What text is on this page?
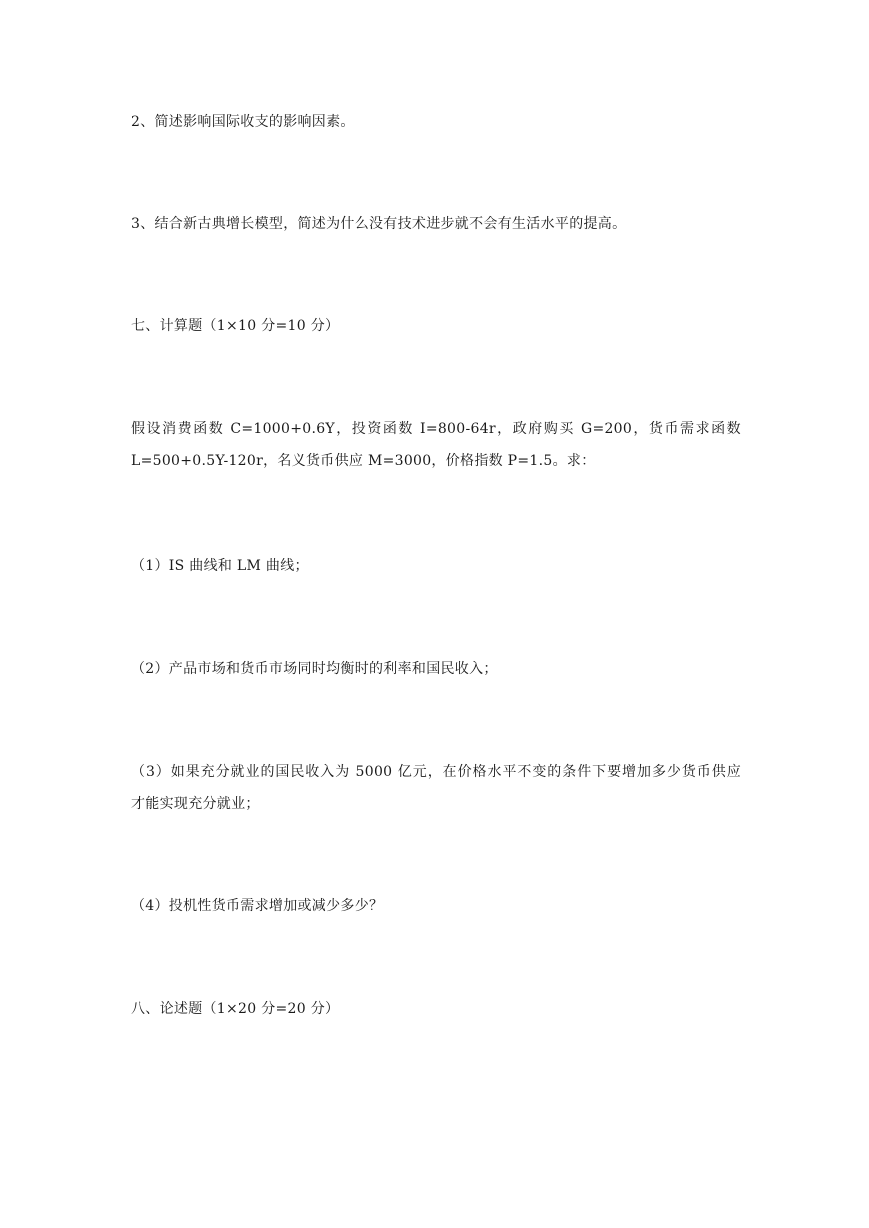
2、简述影响国际收支的影响因素。
3、结合新古典增长模型，简述为什么没有技术进步就不会有生活水平的提高。
七、计算题（1×10 分=10 分）
假设消费函数 C=1000+0.6Y，投资函数 I=800-64r，政府购买 G=200，货币需求函数
L=500+0.5Y-120r，名义货币供应 M=3000，价格指数 P=1.5。求：
（1）IS 曲线和 LM 曲线；
（2）产品市场和货币市场同时均衡时的利率和国民收入；
（3）如果充分就业的国民收入为 5000 亿元，在价格水平不变的条件下要增加多少货币供应
才能实现充分就业；
（4）投机性货币需求增加或减少多少？
八、论述题（1×20 分=20 分）
